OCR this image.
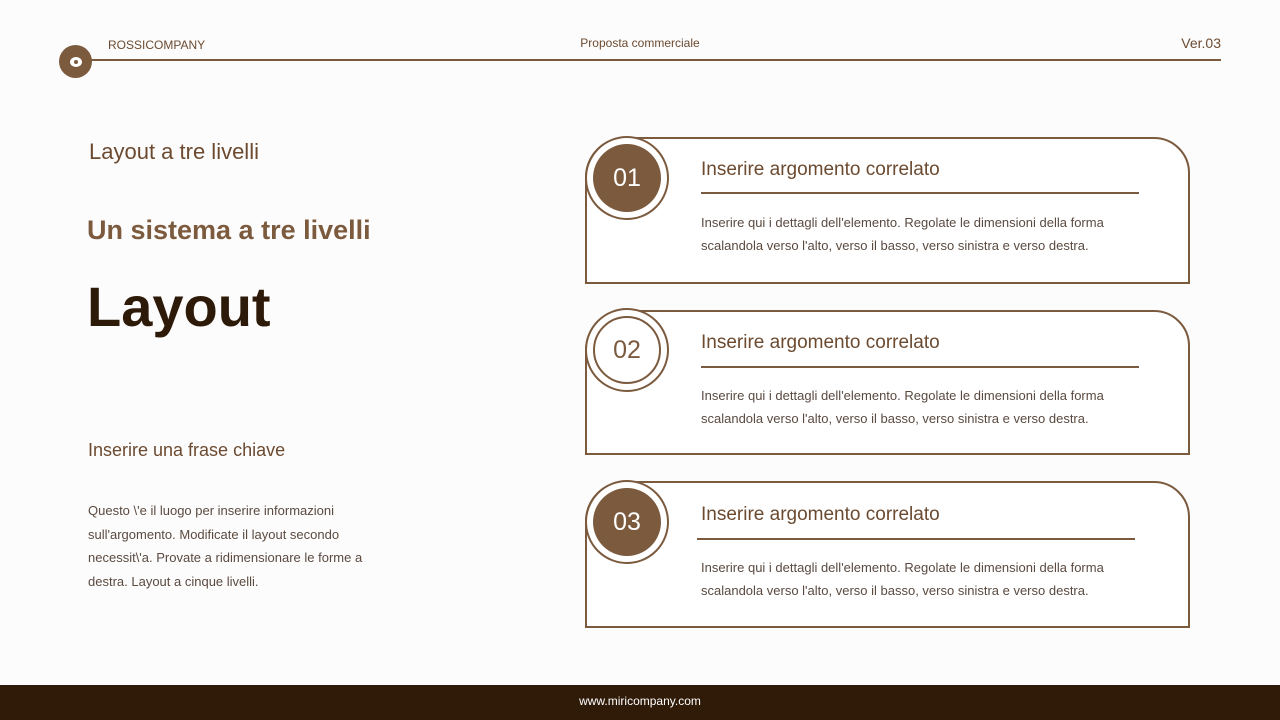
ROSSICOMPANY	Proposta commerciale	Ver.03
Layout a tre livelli
Un sistema a tre livelli
Layout
Inserire una frase chiave
Questo \'e il luogo per inserire informazioni sull'argomento. Modificate il layout secondo necessit\'a. Provate a ridimensionare le forme a destra. Layout a cinque livelli.
01	Inserire argomento correlato
Inserire qui i dettagli dell'elemento. Regolate le dimensioni della forma scalandola verso l'alto, verso il basso, verso sinistra e verso destra.
02	Inserire argomento correlato
Inserire qui i dettagli dell'elemento. Regolate le dimensioni della forma scalandola verso l'alto, verso il basso, verso sinistra e verso destra.
03	Inserire argomento correlato
Inserire qui i dettagli dell'elemento. Regolate le dimensioni della forma scalandola verso l'alto, verso il basso, verso sinistra e verso destra.
www.miricompany.com
